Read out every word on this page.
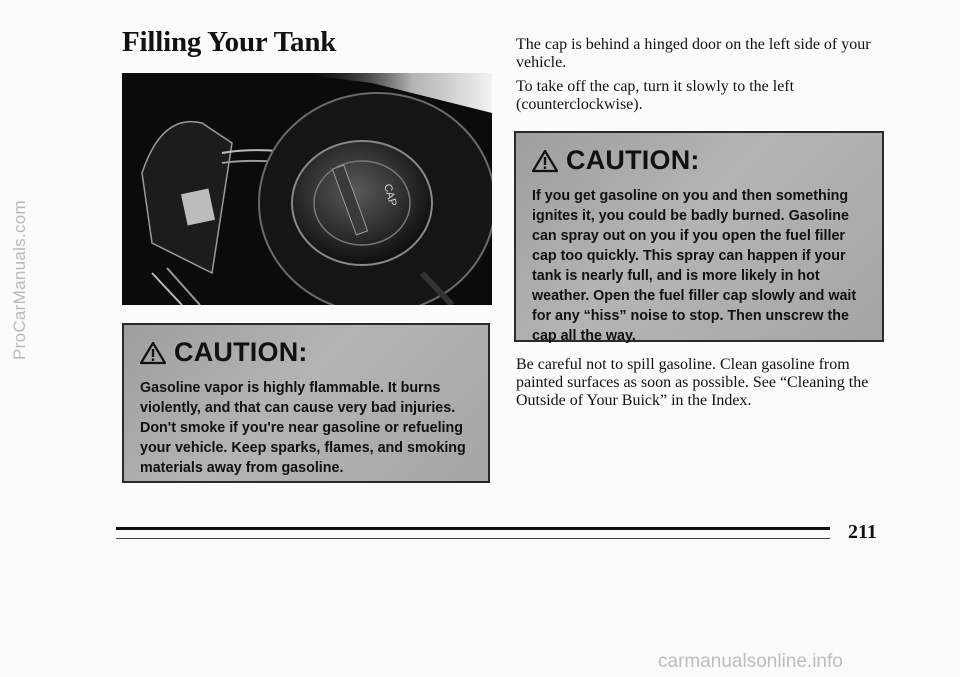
ProCarManuals.com
Filling Your Tank
CAP
CAUTION:

Gasoline vapor is highly flammable. It burns violently, and that can cause very bad injuries. Don't smoke if you're near gasoline or refueling your vehicle. Keep sparks, flames, and smoking materials away from gasoline.

The cap is behind a hinged door on the left side of your vehicle.

To take off the cap, turn it slowly to the left (counterclockwise).

CAUTION:

If you get gasoline on you and then something ignites it, you could be badly burned. Gasoline can spray out on you if you open the fuel filler cap too quickly. This spray can happen if your tank is nearly full, and is more likely in hot weather. Open the fuel filler cap slowly and wait for any “hiss” noise to stop. Then unscrew the cap all the way.

Be careful not to spill gasoline. Clean gasoline from painted surfaces as soon as possible. See “Cleaning the Outside of Your Buick” in the Index.

211

carmanualsonline.info
